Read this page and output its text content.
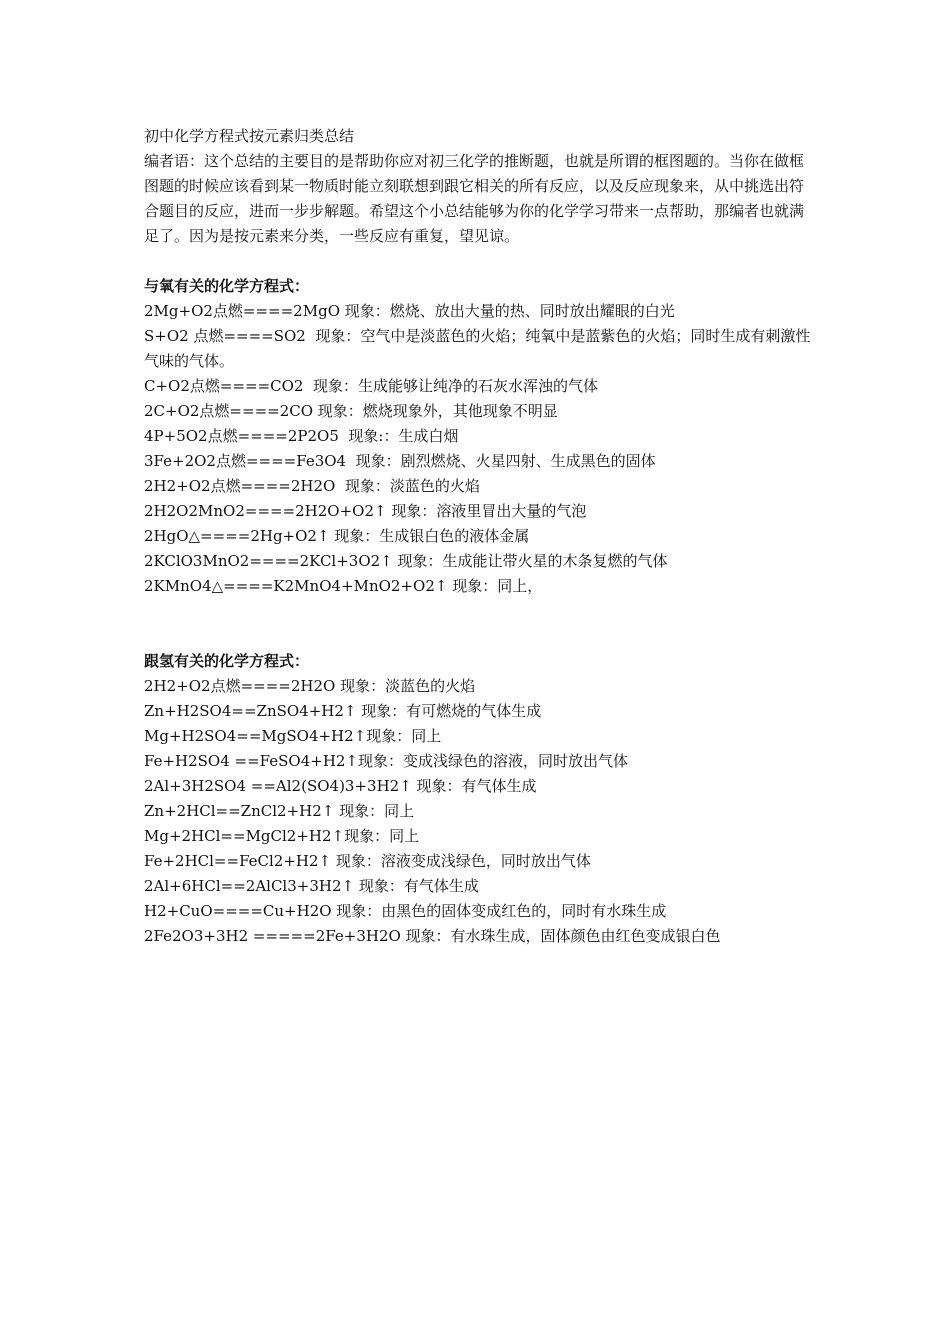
初中化学方程式按元素归类总结

编者语：这个总结的主要目的是帮助你应对初三化学的推断题，也就是所谓的框图题的。当你在做框图题的时候应该看到某一物质时能立刻联想到跟它相关的所有反应，以及反应现象来，从中挑选出符合题目的反应，进而一步步解题。希望这个小总结能够为你的化学学习带来一点帮助，那编者也就满足了。因为是按元素来分类，一些反应有重复，望见谅。

与氧有关的化学方程式：

2Mg+O2点燃====2MgO 现象：燃烧、放出大量的热、同时放出耀眼的白光

S+O2 点燃====SO2  现象：空气中是淡蓝色的火焰；纯氧中是蓝紫色的火焰；同时生成有刺激性气味的气体。

C+O2点燃====CO2  现象：生成能够让纯净的石灰水浑浊的气体

2C+O2点燃====2CO 现象：燃烧现象外，其他现象不明显

4P+5O2点燃====2P2O5  现象:：生成白烟

3Fe+2O2点燃====Fe3O4  现象：剧烈燃烧、火星四射、生成黑色的固体

2H2+O2点燃====2H2O  现象：淡蓝色的火焰

2H2O2MnO2====2H2O+O2↑ 现象：溶液里冒出大量的气泡

2HgO△====2Hg+O2↑ 现象：生成银白色的液体金属

2KClO3MnO2====2KCl+3O2↑ 现象：生成能让带火星的木条复燃的气体

2KMnO4△====K2MnO4+MnO2+O2↑ 现象：同上，

跟氢有关的化学方程式：

2H2+O2点燃====2H2O 现象：淡蓝色的火焰

Zn+H2SO4==ZnSO4+H2↑ 现象：有可燃烧的气体生成

Mg+H2SO4==MgSO4+H2↑现象：同上

Fe+H2SO4 ==FeSO4+H2↑现象：变成浅绿色的溶液，同时放出气体

2Al+3H2SO4 ==Al2(SO4)3+3H2↑ 现象：有气体生成

Zn+2HCl==ZnCl2+H2↑ 现象：同上

Mg+2HCl==MgCl2+H2↑现象：同上

Fe+2HCl==FeCl2+H2↑ 现象：溶液变成浅绿色，同时放出气体

2Al+6HCl==2AlCl3+3H2↑ 现象：有气体生成

H2+CuO====Cu+H2O 现象：由黑色的固体变成红色的，同时有水珠生成

2Fe2O3+3H2 =====2Fe+3H2O 现象：有水珠生成，固体颜色由红色变成银白色
